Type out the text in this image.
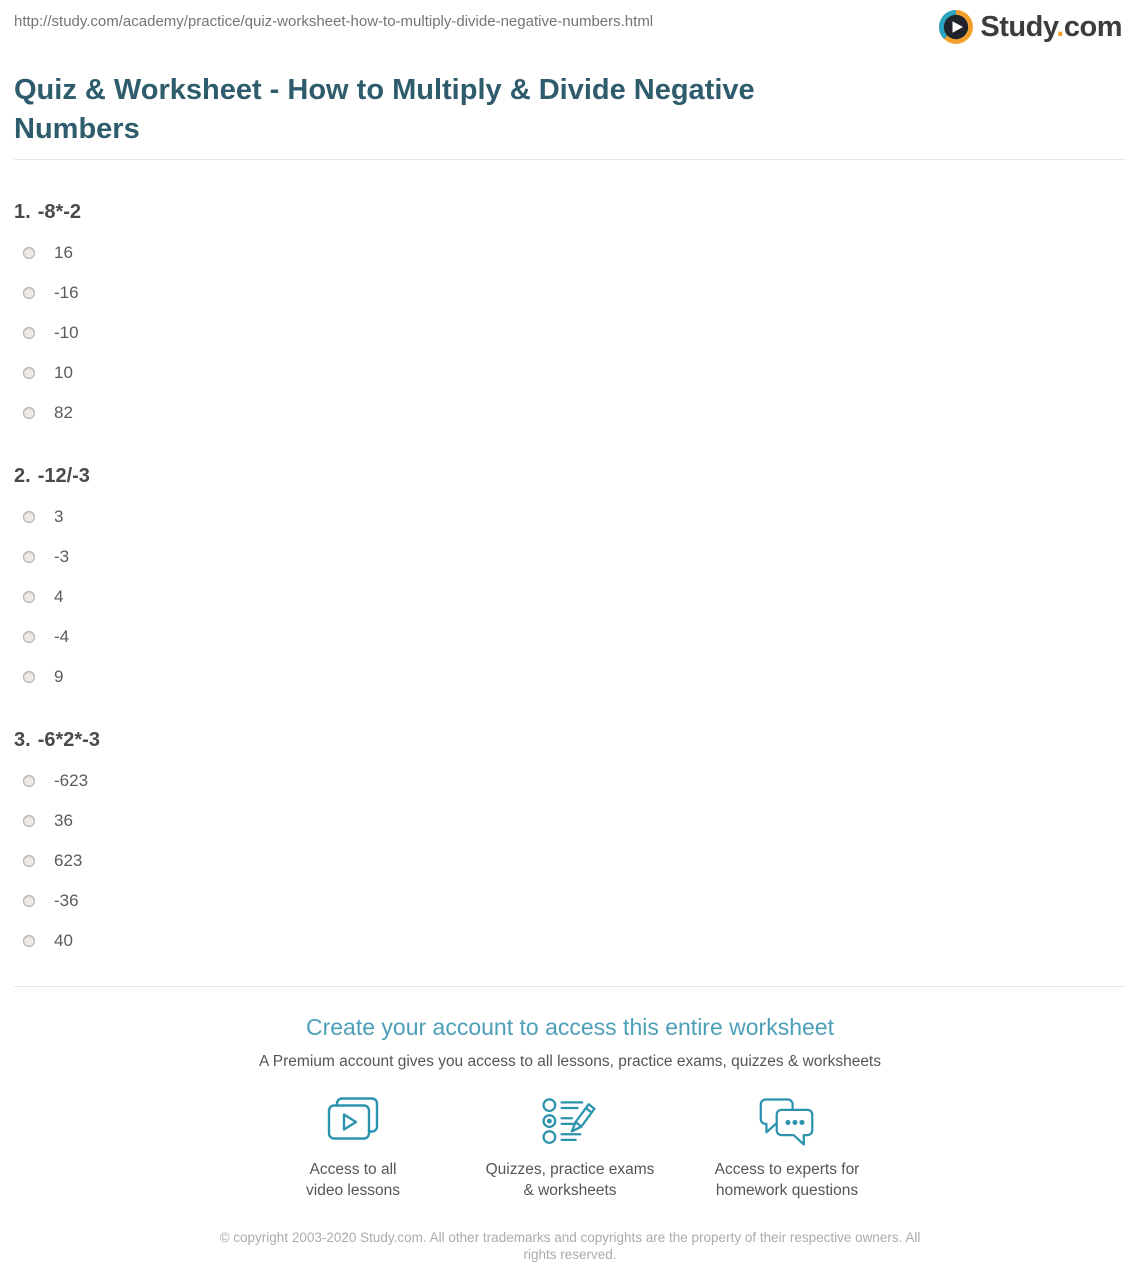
http://study.com/academy/practice/quiz-worksheet-how-to-multiply-divide-negative-numbers.html	Study.com
Quiz & Worksheet - How to Multiply & Divide Negative
Numbers
1. -8*-2
16
-16
-10
10
82
2. -12/-3
3
-3
4
-4
9
3. -6*2*-3
-623
36
623
-36
40
Create your account to access this entire worksheet

A Premium account gives you access to all lessons, practice exams, quizzes & worksheets

Access to all
video lessons
Quizzes, practice exams
& worksheets
Access to experts for
homework questions

© copyright 2003-2020 Study.com. All other trademarks and copyrights are the property of their respective owners. All rights reserved.
